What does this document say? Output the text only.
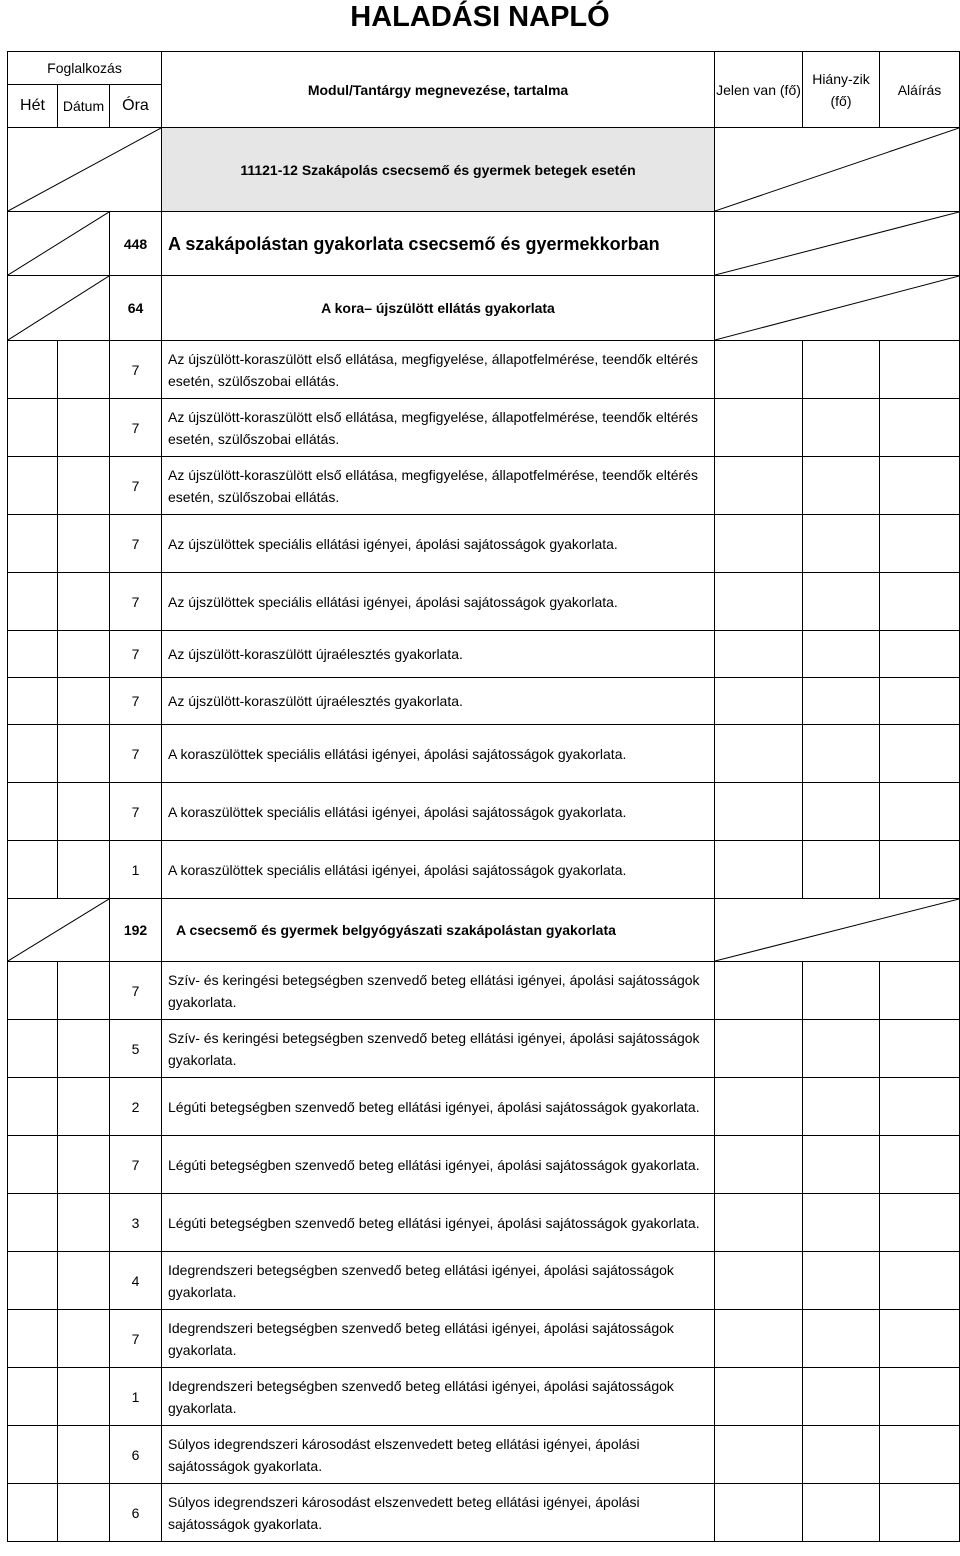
HALADÁSI NAPLÓ
Foglalkozás			Modul/Tantárgy megnevezése, tartalma	Jelen van (fő)	Hiány-zik (fő)	Aláírás
Hét	Dátum	Óra				

	11121-12 Szakápolás csecsemő és gyermek betegek esetén	

	448	A szakápolástan gyakorlata csecsemő és gyermekkorban	

	64	A kora– újszülött ellátás gyakorlata	

		7	Az újszülött-koraszülött első ellátása, megfigyelése, állapotfelmérése, teendők eltérés esetén, szülőszobai ellátás.			
		7	Az újszülött-koraszülött első ellátása, megfigyelése, állapotfelmérése, teendők eltérés esetén, szülőszobai ellátás.			
		7	Az újszülött-koraszülött első ellátása, megfigyelése, állapotfelmérése, teendők eltérés esetén, szülőszobai ellátás.			
		7	Az újszülöttek speciális ellátási igényei, ápolási sajátosságok gyakorlata.			
		7	Az újszülöttek speciális ellátási igényei, ápolási sajátosságok gyakorlata.			
		7	Az újszülött-koraszülött újraélesztés gyakorlata.			
		7	Az újszülött-koraszülött újraélesztés gyakorlata.			
		7	A koraszülöttek speciális ellátási igényei, ápolási sajátosságok gyakorlata.			
		7	A koraszülöttek speciális ellátási igényei, ápolási sajátosságok gyakorlata.			
		1	A koraszülöttek speciális ellátási igényei, ápolási sajátosságok gyakorlata.			

	192	A csecsemő és gyermek belgyógyászati szakápolástan gyakorlata	

		7	Szív- és keringési betegségben szenvedő beteg ellátási igényei, ápolási sajátosságok gyakorlata.			
		5	Szív- és keringési betegségben szenvedő beteg ellátási igényei, ápolási sajátosságok gyakorlata.			
		2	Légúti betegségben szenvedő beteg ellátási igényei, ápolási sajátosságok gyakorlata.			
		7	Légúti betegségben szenvedő beteg ellátási igényei, ápolási sajátosságok gyakorlata.			
		3	Légúti betegségben szenvedő beteg ellátási igényei, ápolási sajátosságok gyakorlata.			
		4	Idegrendszeri betegségben szenvedő beteg ellátási igényei, ápolási sajátosságok gyakorlata.			
		7	Idegrendszeri betegségben szenvedő beteg ellátási igényei, ápolási sajátosságok gyakorlata.			
		1	Idegrendszeri betegségben szenvedő beteg ellátási igényei, ápolási sajátosságok gyakorlata.			
		6	Súlyos idegrendszeri károsodást elszenvedett beteg ellátási igényei, ápolási sajátosságok gyakorlata.			
		6	Súlyos idegrendszeri károsodást elszenvedett beteg ellátási igényei, ápolási sajátosságok gyakorlata.			
